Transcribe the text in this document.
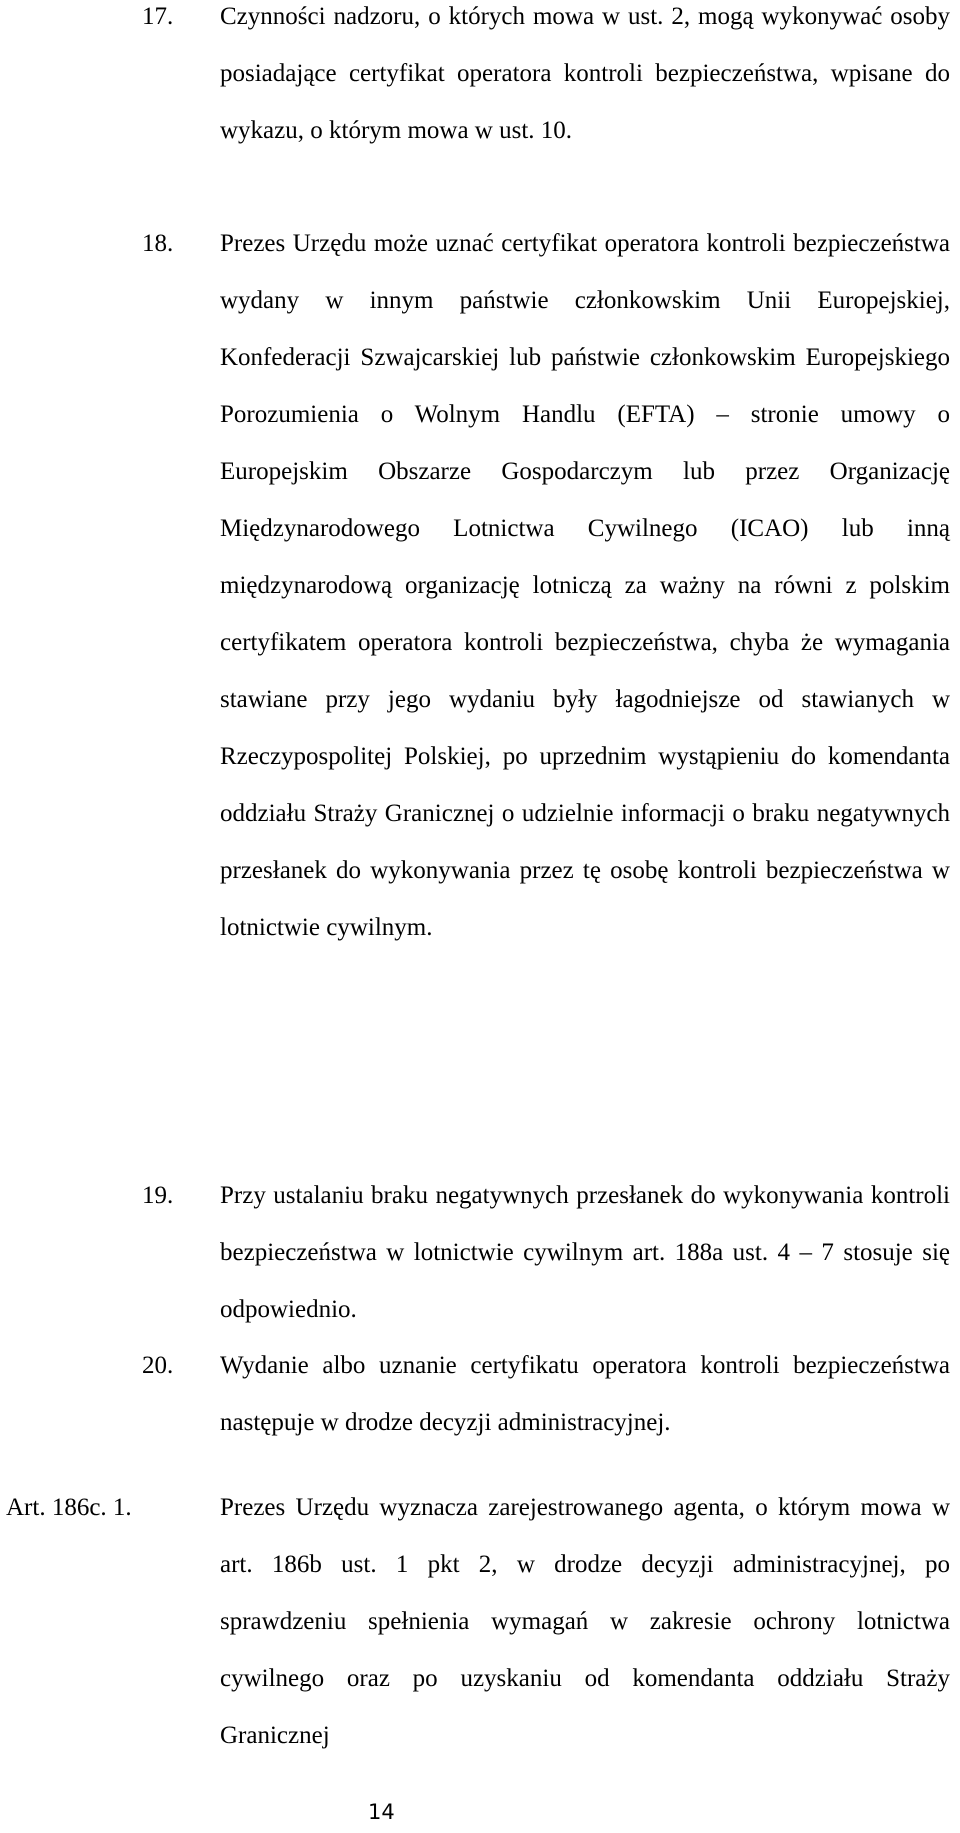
17. Czynności nadzoru, o których mowa w ust. 2, mogą wykonywać osoby posiadające certyfikat operatora kontroli bezpieczeństwa, wpisane do wykazu, o którym mowa w ust. 10.
18. Prezes Urzędu może uznać certyfikat operatora kontroli bezpieczeństwa wydany w innym państwie członkowskim Unii Europejskiej, Konfederacji Szwajcarskiej lub państwie członkowskim Europejskiego Porozumienia o Wolnym Handlu (EFTA) – stronie umowy o Europejskim Obszarze Gospodarczym lub przez Organizację Międzynarodowego Lotnictwa Cywilnego (ICAO) lub inną międzynarodową organizację lotniczą za ważny na równi z polskim certyfikatem operatora kontroli bezpieczeństwa, chyba że wymagania stawiane przy jego wydaniu były łagodniejsze od stawianych w Rzeczypospolitej Polskiej, po uprzednim wystąpieniu do komendanta oddziału Straży Granicznej o udzielnie informacji o braku negatywnych przesłanek do wykonywania przez tę osobę kontroli bezpieczeństwa w lotnictwie cywilnym.
19. Przy ustalaniu braku negatywnych przesłanek do wykonywania kontroli bezpieczeństwa w lotnictwie cywilnym art. 188a ust. 4 – 7 stosuje się odpowiednio.
20. Wydanie albo uznanie certyfikatu operatora kontroli bezpieczeństwa następuje w drodze decyzji administracyjnej.
Art. 186c. 1.	Prezes Urzędu wyznacza zarejestrowanego agenta, o którym mowa w art. 186b ust. 1 pkt 2, w drodze decyzji administracyjnej, po sprawdzeniu spełnienia wymagań w zakresie ochrony lotnictwa cywilnego oraz po uzyskaniu od komendanta oddziału Straży Granicznej
14
